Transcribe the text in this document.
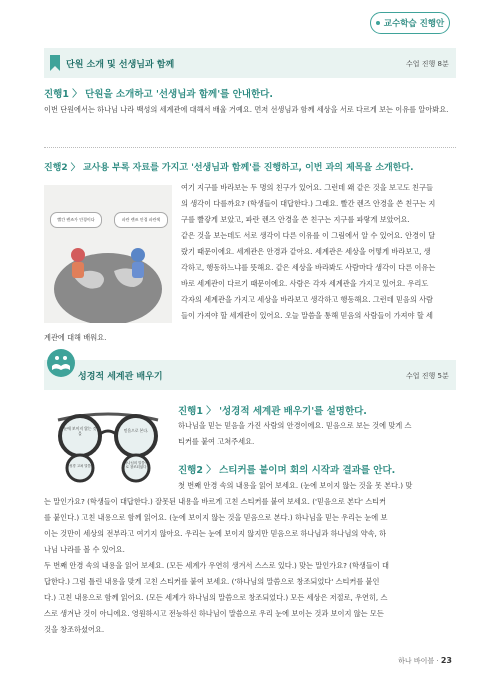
교수학습 진행안
단원 소개 및 선생님과 함께	수업 진행 8분
진행1 〉 단원을 소개하고 '선생님과 함께'를 안내한다.
이번 단원에서는 하나님 나라 백성의 세계관에 대해서 배울 거예요. 먼저 선생님과 함께 세상을 서로 다르게 보는 이유를 알아봐요.
진행2 〉 교사용 부록 자료를 가지고 '선생님과 함께'를 진행하고, 이번 과의 제목을 소개한다.
빨간 렌즈가 안경이다	파란 렌즈 안경 파란색
여기 지구를 바라보는 두 명의 친구가 있어요. 그런데 왜 같은 것을 보고도 친구들
의 생각이 다를까요? (학생들이 대답한다.) 그래요. 빨간 렌즈 안경을 쓴 친구는 지
구를 빨갛게 보았고, 파란 렌즈 안경을 쓴 친구는 지구를 파랗게 보았어요.
같은 것을 보는데도 서로 생각이 다른 이유를 이 그림에서 알 수 있어요. 안경이 달
랐기 때문이에요. 세계관은 안경과 같아요. 세계관은 세상을 어떻게 바라보고, 생
각하고, 행동하느냐를 뜻해요. 같은 세상을 바라봐도 사람마다 생각이 다른 이유는
바로 세계관이 다르기 때문이에요. 사람은 각자 세계관을 가지고 있어요. 우리도
각자의 세계관을 가지고 세상을 바라보고 생각하고 행동해요. 그런데 믿음의 사람
들이 가져야 할 세계관이 있어요. 오늘 말씀을 통해 믿음의 사람들이 가져야 할 세
계관에 대해 배워요.
성경적 세계관 배우기	수업 진행 5분
눈에 보이지 않는 것을
믿음으로 본다.
성경 고쳐 말씀
하나님의 말씀으로 창조되었다
진행1 〉 '성경적 세계관 배우기'를 설명한다.
하나님을 믿는 믿음을 가진 사람의 안경이에요. 믿음으로 보는 것에 맞게 스
티커를 붙여 고쳐주세요.
진행2 〉 스티커를 붙이며 회의 시작과 결과를 안다.
첫 번째 안경 속의 내용을 읽어 보세요. (눈에 보이지 않는 것을 못 본다.) 맞
는 말인가요? (학생들이 대답한다.) 잘못된 내용을 바르게 고친 스티커를 붙여 보세요. ('믿음으로 본다' 스티커
를 붙인다.) 고친 내용으로 함께 읽어요. (눈에 보이지 않는 것을 믿음으로 본다.) 하나님을 믿는 우리는 눈에 보
이는 것만이 세상의 전부라고 여기지 않아요. 우리는 눈에 보이지 않지만 믿음으로 하나님과 하나님의 약속, 하
나님 나라를 볼 수 있어요.
두 번째 안경 속의 내용을 읽어 보세요. (모든 세계가 우연히 생겨서 스스로 있다.) 맞는 말인가요? (학생들이 대
답한다.) 그럼 틀린 내용을 맞게 고친 스티커를 붙여 보세요. ('하나님의 말씀으로 창조되었다' 스티커를 붙인
다.) 고친 내용으로 함께 읽어요. (모든 세계가 하나님의 말씀으로 창조되었다.) 모든 세상은 저절로, 우연히, 스
스로 생겨난 것이 아니에요. 영원하시고 전능하신 하나님이 말씀으로 우리 눈에 보이는 것과 보이지 않는 모든
것을 창조하셨어요.
하나 바이블 · 23
